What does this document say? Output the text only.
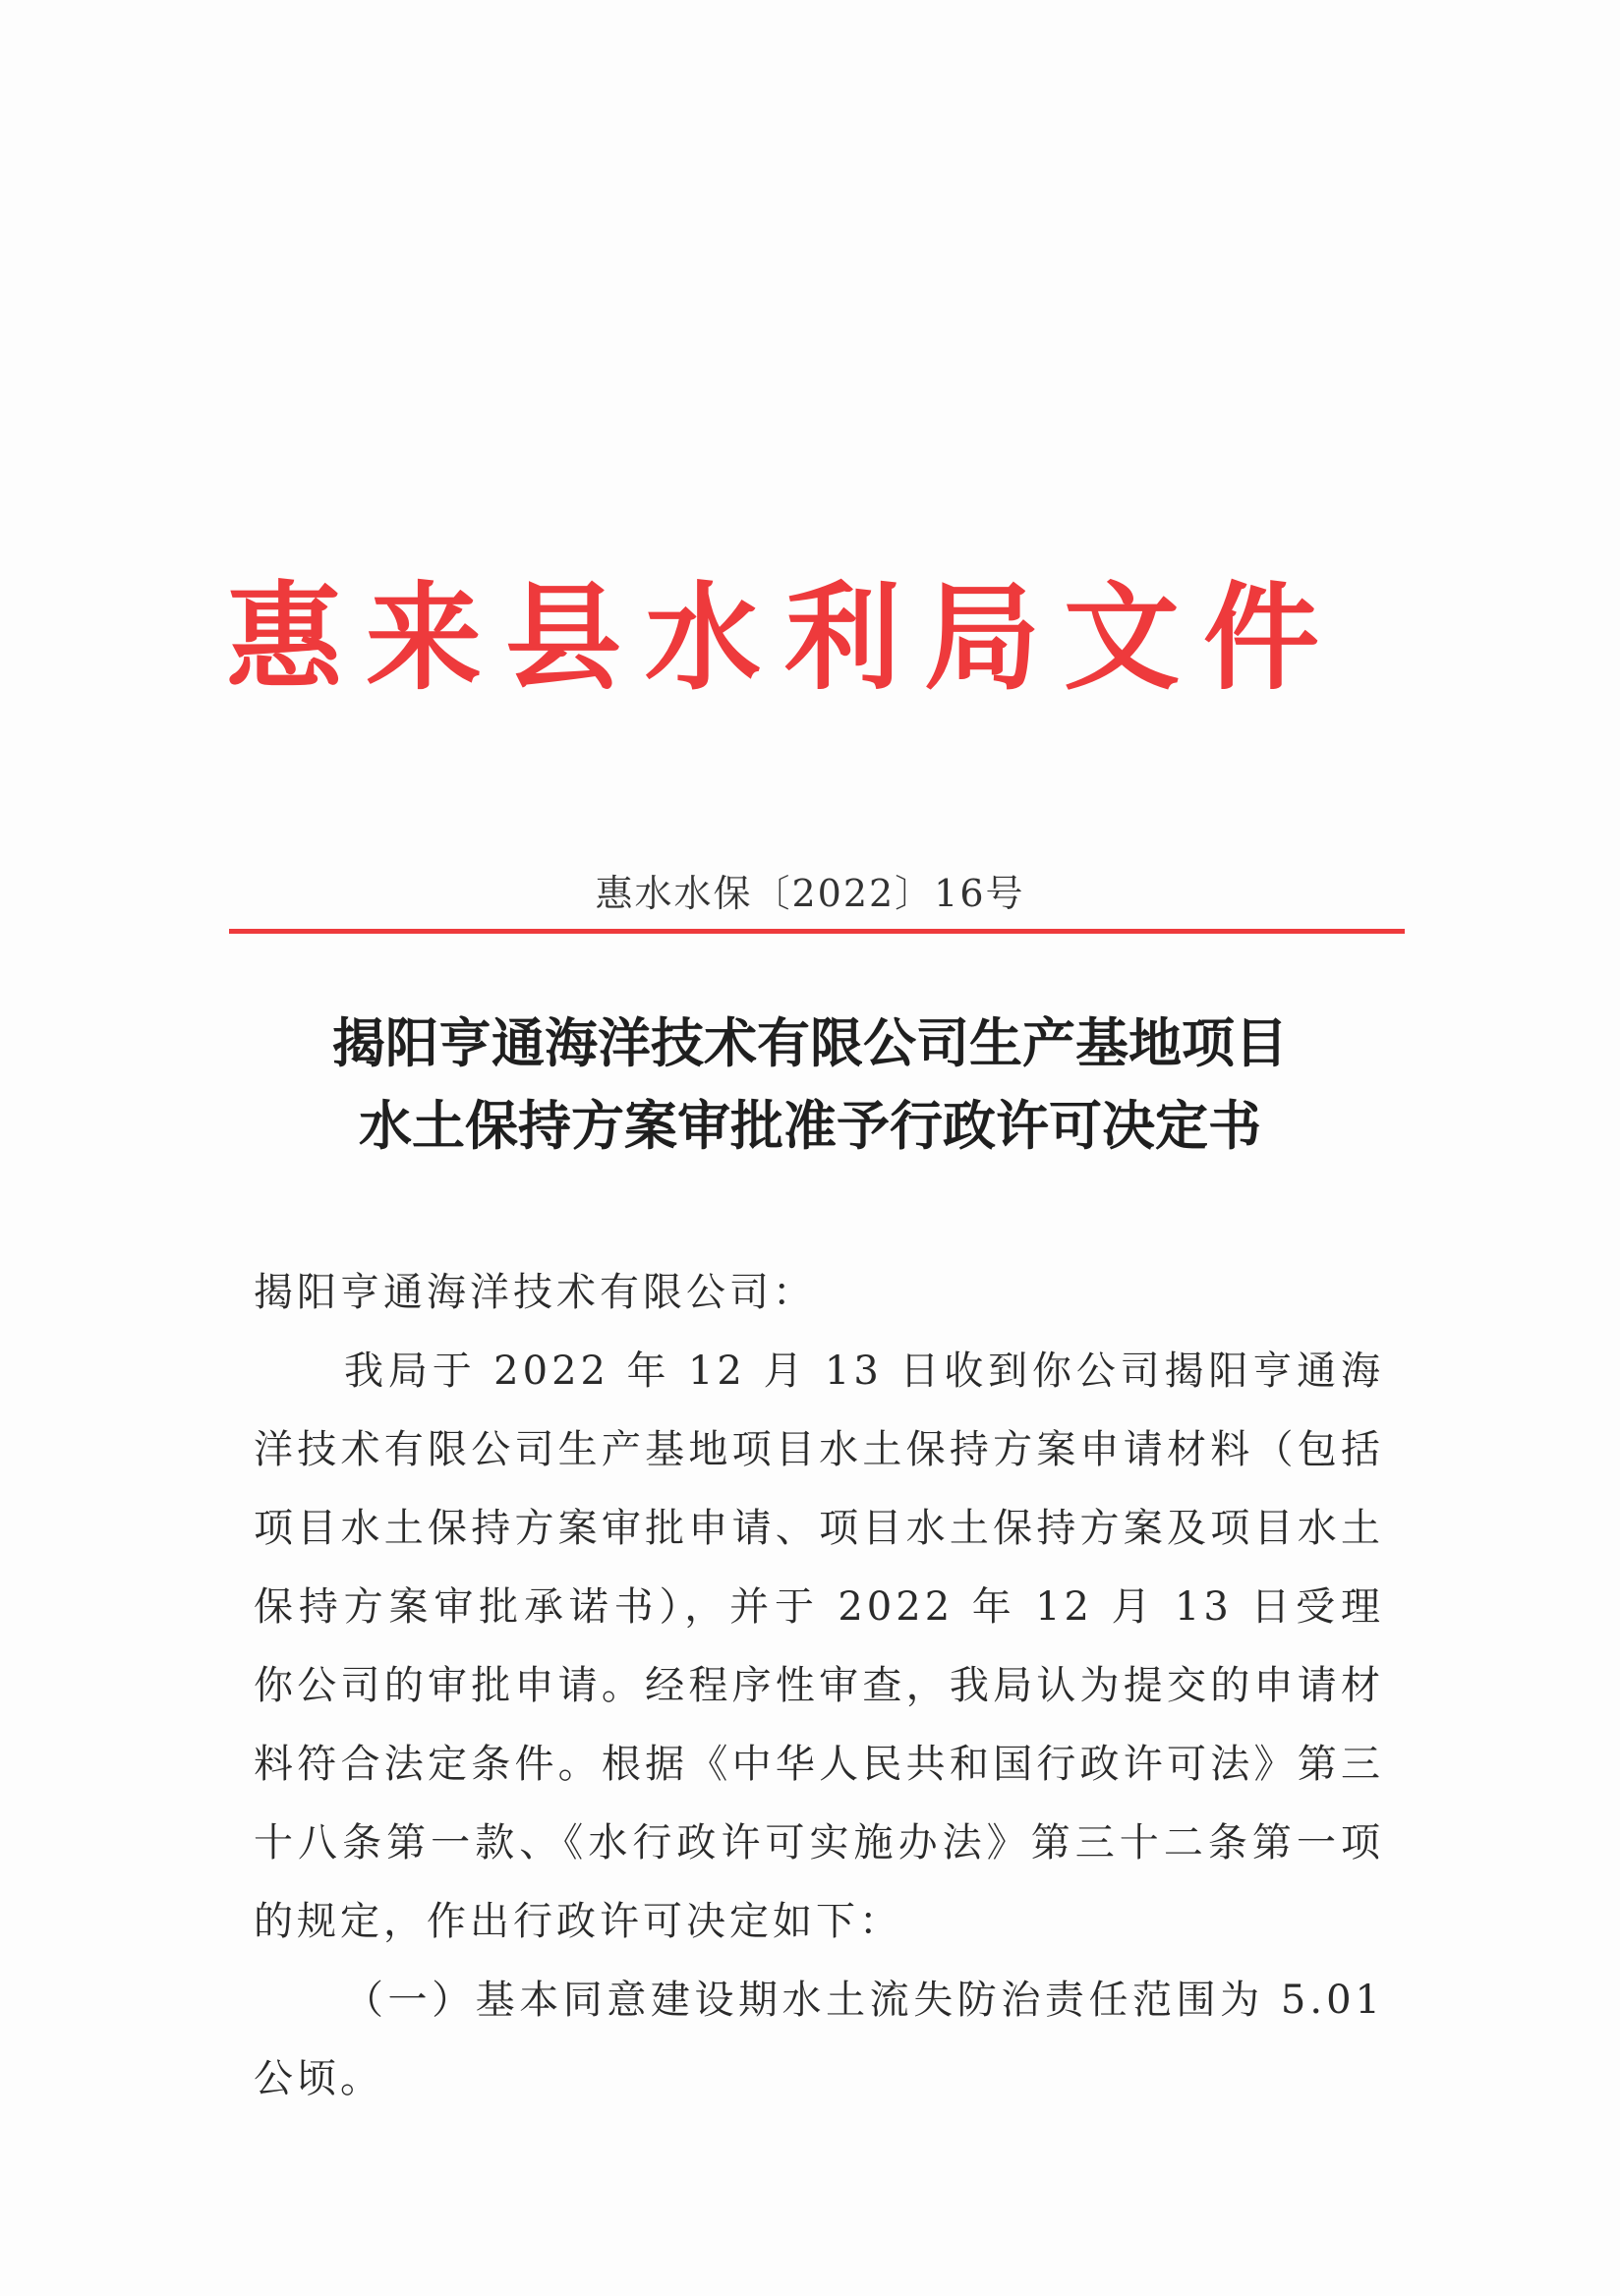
惠来县水利局文件
惠水水保〔2022〕16号
揭阳亨通海洋技术有限公司生产基地项目
水土保持方案审批准予行政许可决定书

揭阳亨通海洋技术有限公司：

我局于 2022 年 12 月 13 日收到你公司揭阳亨通海洋技术有限公司生产基地项目水土保持方案申请材料（包括项目水土保持方案审批申请、项目水土保持方案及项目水土保持方案审批承诺书），并于 2022 年 12 月 13 日受理你公司的审批申请。经程序性审查，我局认为提交的申请材料符合法定条件。根据《中华人民共和国行政许可法》第三十八条第一款、《水行政许可实施办法》第三十二条第一项的规定，作出行政许可决定如下：

（一）基本同意建设期水土流失防治责任范围为 5.01 公顷。
